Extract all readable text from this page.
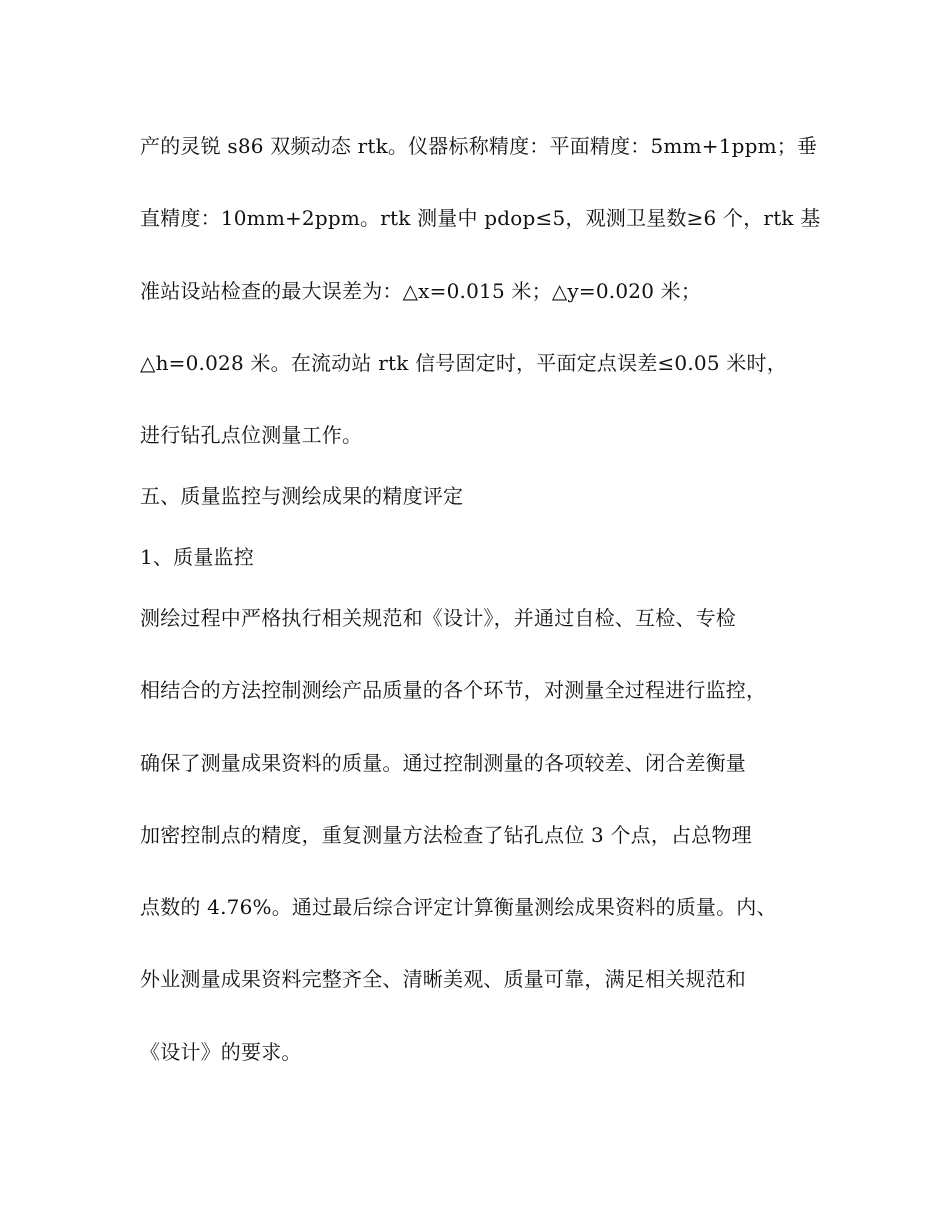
产的灵锐 s86 双频动态 rtk。仪器标称精度：平面精度：5mm+1ppm；垂
直精度：10mm+2ppm。rtk 测量中 pdop≤5，观测卫星数≥6 个，rtk 基
准站设站检查的最大误差为：△x=0.015 米；△y=0.020 米；
△h=0.028 米。在流动站 rtk 信号固定时，平面定点误差≤0.05 米时，
进行钻孔点位测量工作。
五、质量监控与测绘成果的精度评定
1、质量监控
测绘过程中严格执行相关规范和《设计》，并通过自检、互检、专检
相结合的方法控制测绘产品质量的各个环节，对测量全过程进行监控，
确保了测量成果资料的质量。通过控制测量的各项较差、闭合差衡量
加密控制点的精度，重复测量方法检查了钻孔点位 3 个点，占总物理
点数的 4.76%。通过最后综合评定计算衡量测绘成果资料的质量。内、
外业测量成果资料完整齐全、清晰美观、质量可靠，满足相关规范和
《设计》的要求。
